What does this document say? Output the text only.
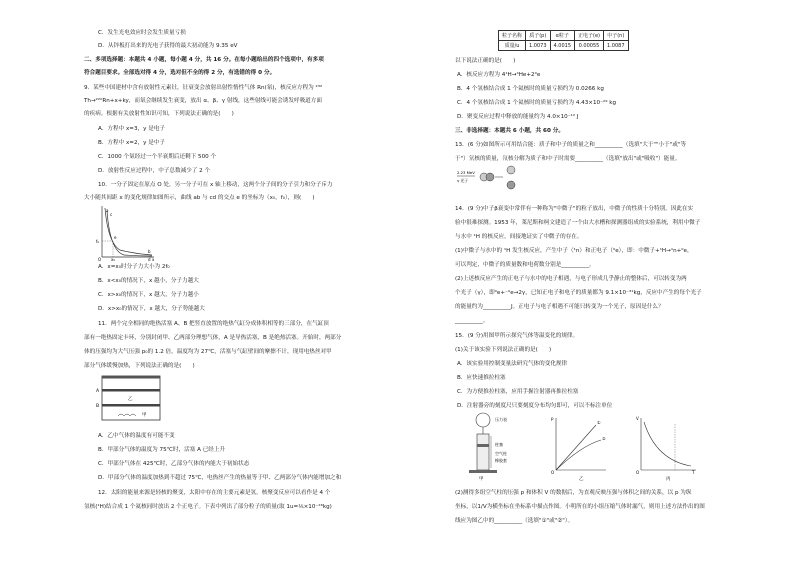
C．发生光电效应时会发生质量亏损
D．从锌板打出来的光电子获得的最大初动能为 9.35 eV
二、多项选择题：本题共 4 小题，每小题 4 分，共 16 分。在每小题给出的四个选项中，有多项
符合题目要求。全部选对得 4 分，选对但不全的得 2 分，有选错的得 0 分。
9．某些中国建材中含有放射性元素钍，钍衰变会放射出射性惰性气体 Rn(氡)，核反应方程为 ²³²
Th→²²⁰Rn+x+ky，而氡会继续发生衰变，放出 α、β、γ 射线，这些射线可能会诱发呼吸道方面
的疾病。根据有关放射性知识可知，下列说法正确的是(　　)
A．方程中 x=3，y 是电子
B．方程中 x=2，y 是中子
C．1000 个氡经过一个半衰期后还剩下 500 个
D．放射性反应过程中，中子总数减少了 2 个
10．一分子固定在原点 O 处，另一分子可在 x 轴上移动，这两个分子间的分子引力和分子斥力
大小随其间距 x 的变化规律如图所示，曲线 ab 与 cd 的交点 e 的坐标为（x₀，f₀），则(　　)
a
c
b
d
e
f₀
x₀
O	x
A．x=x₀时分子力大小为 2f₀
B．x<x₀的情况下，x 越小，分子力越大
C．x>x₀的情况下，x 越大，分子力越小
D．x>x₀的情况下，x 越大，分子势能越大
11．两个完全相同的绝热活塞 A、B 把竖直放置的绝热气缸分成体积相等的三部分，在气缸顶
部有一绝热固定卡环，分别封闭甲、乙两部分理想气体，A 是导热活塞，B 是绝热活塞。开始时，两部分
体的压强均为大气压强 p₀的 1.2 倍，温度均为 27℃，活塞与气缸壁间的摩擦不计，现用电热丝对甲
部分气体缓慢加热，下列说法正确的是(　　)
A
B
乙
甲
A．乙中气体的温度有可能不变
B．甲部分气体的温度为 75℃时，活塞 A 已经上升
C．甲部分气体在 425℃时，乙部分气体的内能大于初始状态
D．甲部分气体的温度加热到不超过 75℃，电热丝产生的热量等于甲、乙两部分气体内能增加之和
12．太阳的能量来源是轻核的聚变，太阳中存在的主要元素是氢，核聚变反应可以看作是 4 个
氢核(¹H)结合成 1 个氦核同时放出 2 个正电子。下表中列出了部分粒子的质量(取 1u=⅙×10⁻²⁶kg)
粒子名称	质子(p)	α粒子	正电子(e)	中子(n)
质量/u	1.0073	4.0015	0.00055	1.0087
以下说法正确的是(　　)
A．核反应方程为 4¹H→⁴He+2⁰e
B．4 个氢核结合成 1 个氦核时的质量亏损约为 0.0266 kg
C．4 个氢核结合成 1 个氦核时的质量亏损约为 4.43×10⁻²⁹ kg
D．聚变反应过程中释放的能量约为 4.0×10⁻¹² J
三、非选择题：本题共 6 小题，共 60 分。
13．(6 分)如图所示可用结合能：质子和中子的质量之和__________（选填"大于""小于"或"等
于"）氘核的质量，氘核分解为质子和中子时需要__________（选填"放出"或"吸收"）能量。
2.23 MeV
γ 光子
14．(9 分)中子β衰变中常伴有一种称为"中微子"的粒子放出，中微子的性质十分特别，因此在实
验中很难探测。1953 年，莱尼斯和柯文建造了一个由大水槽和探测器组成的实验系统，利用中微子
与水中 ¹H 的核反应，间接地证实了中微子的存在。
(1)中微子与水中的 ¹H 发生核反应，产生中子（¹n）和正电子（⁰e），即：中微子+¹H→¹n+⁰e，
可以判定，中微子的质量数和电荷数分别是__________。
(2)上述核反应产生的正电子与水中的电子相遇，与电子形成几乎静止的整体后，可以转变为两
个光子（γ），即⁰e+⁻⁰e→2γ，已知正电子和电子的质量都为 9.1×10⁻³¹kg，反应中产生的每个光子
的能量约为__________J。正电子与电子相遇不可能只转变为一个光子，原因是什么？
__________。
15．(9 分)用图甲所示探究气体等温变化的规律。
(1)关于该实验下列说法正确的是(　　)
A．该实验用控制变量法研究气体的变化规律
B．应快速推拉柱塞
C．为方便推拉柱塞，应用手握注射器再推拉柱塞
D．注射器旁的刻度尺只要刻度分布均匀即可，可以不标注单位
压力表
柱塞
空气柱
橡胶套
甲
p
①
②
O
乙
V
T
O
丙
(2)测得多组空气柱的压强 p 和体积 V 的数据后，为直观反映压强与体积之间的关系，以 p 为纵
坐标，以1/V为横坐标在坐标系中描点作图。小明所在的小组压缩气体时漏气，则用上述方法作出的图
线应为图乙中的__________（选填"①"或"②"）。
